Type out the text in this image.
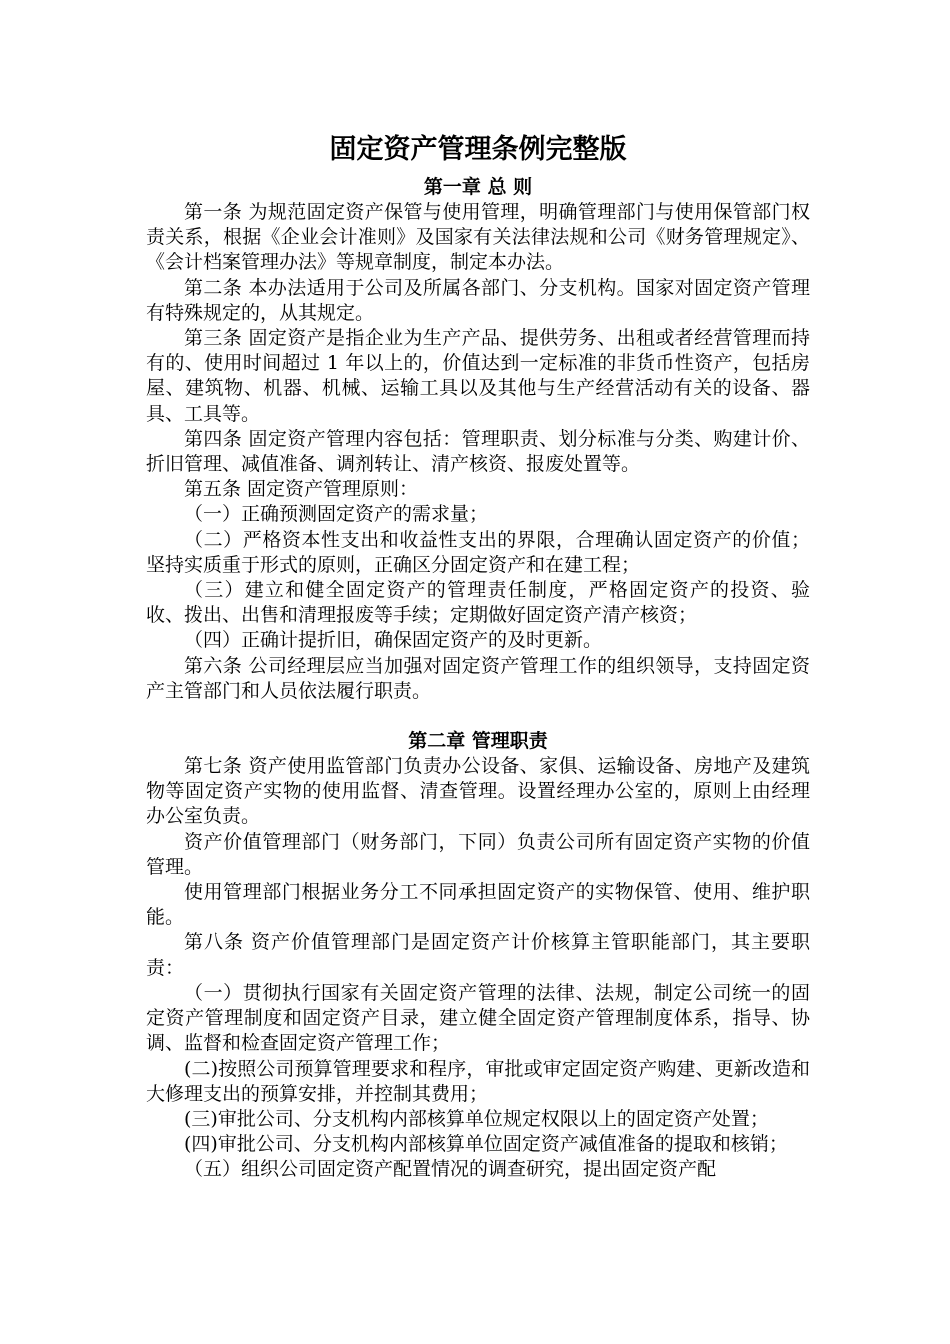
固定资产管理条例完整版
第一章 总 则

第一条 为规范固定资产保管与使用管理，明确管理部门与使用保管部门权责关系，根据《企业会计准则》及国家有关法律法规和公司《财务管理规定》、《会计档案管理办法》等规章制度，制定本办法。

第二条 本办法适用于公司及所属各部门、分支机构。国家对固定资产管理有特殊规定的，从其规定。

第三条 固定资产是指企业为生产产品、提供劳务、出租或者经营管理而持有的、使用时间超过 1 年以上的，价值达到一定标准的非货币性资产，包括房屋、建筑物、机器、机械、运输工具以及其他与生产经营活动有关的设备、器具、工具等。

第四条 固定资产管理内容包括：管理职责、划分标准与分类、购建计价、折旧管理、减值准备、调剂转让、清产核资、报废处置等。

第五条 固定资产管理原则：

（一）正确预测固定资产的需求量；

（二）严格资本性支出和收益性支出的界限，合理确认固定资产的价值；坚持实质重于形式的原则，正确区分固定资产和在建工程；

（三）建立和健全固定资产的管理责任制度，严格固定资产的投资、验收、拨出、出售和清理报废等手续；定期做好固定资产清产核资；

（四）正确计提折旧，确保固定资产的及时更新。

第六条 公司经理层应当加强对固定资产管理工作的组织领导，支持固定资产主管部门和人员依法履行职责。

第二章 管理职责

第七条 资产使用监管部门负责办公设备、家俱、运输设备、房地产及建筑物等固定资产实物的使用监督、清查管理。设置经理办公室的，原则上由经理办公室负责。

资产价值管理部门（财务部门，下同）负责公司所有固定资产实物的价值管理。

使用管理部门根据业务分工不同承担固定资产的实物保管、使用、维护职能。

第八条 资产价值管理部门是固定资产计价核算主管职能部门，其主要职责：

（一）贯彻执行国家有关固定资产管理的法律、法规，制定公司统一的固定资产管理制度和固定资产目录，建立健全固定资产管理制度体系，指导、协调、监督和检查固定资产管理工作；

(二)按照公司预算管理要求和程序，审批或审定固定资产购建、更新改造和大修理支出的预算安排，并控制其费用；

(三)审批公司、分支机构内部核算单位规定权限以上的固定资产处置；

(四)审批公司、分支机构内部核算单位固定资产减值准备的提取和核销；

（五）组织公司固定资产配置情况的调查研究，提出固定资产配
